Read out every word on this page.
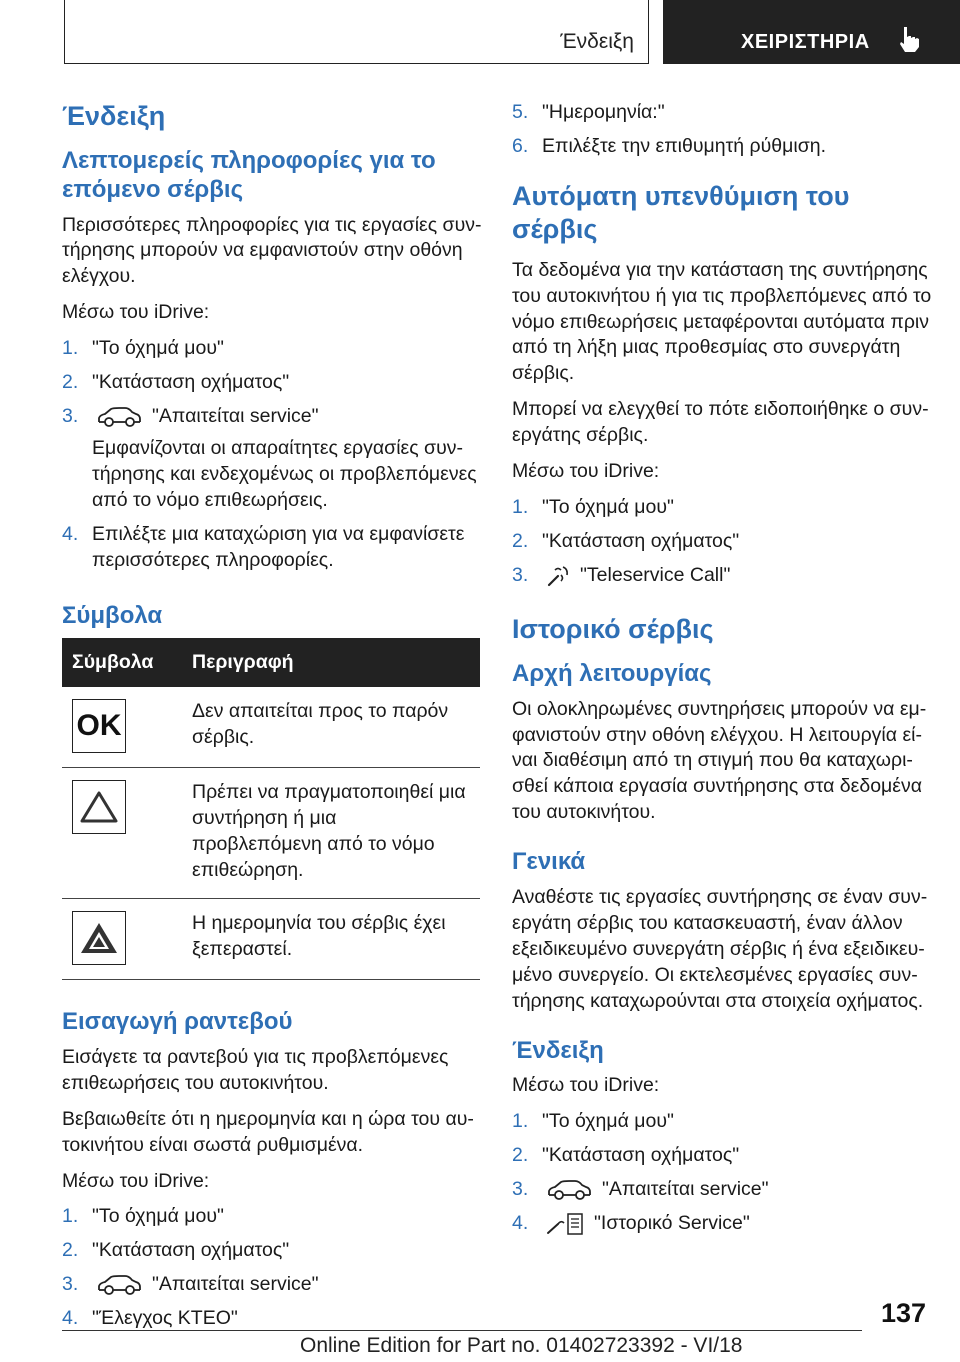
Ένδειξη	ΧΕΙΡΙΣΤΗΡΙΑ
Ένδειξη
Λεπτομερείς πληροφορίες για το επόμενο σέρβις

Περισσότερες πληροφορίες για τις εργασίες συντήρησης μπορούν να εμφανιστούν στην οθόνη ελέγχου.

Μέσω του iDrive:

1. "Το όχημά μου"
2. "Κατάσταση οχήματος"
3.	"Απαιτείται service"
Εμφανίζονται οι απαραίτητες εργασίες συντήρησης και ενδεχομένως οι προβλεπόμενες από το νόμο επιθεωρήσεις.
4. Επιλέξτε μια καταχώριση για να εμφανίσετε περισσότερες πληροφορίες.
Σύμβολα
Σύμβολα	Περιγραφή

OK	Δεν απαιτείται προς το παρόν σέρβις.

	Πρέπει να πραγματοποιηθεί μια συντήρηση ή μια προβλεπόμενη από το νόμο επιθεώρηση.

	Η ημερομηνία του σέρβις έχει ξεπεραστεί.
Εισαγωγή ραντεβού

Εισάγετε τα ραντεβού για τις προβλεπόμενες επιθεωρήσεις του αυτοκινήτου.

Βεβαιωθείτε ότι η ημερομηνία και η ώρα του αυτοκινήτου είναι σωστά ρυθμισμένα.

Μέσω του iDrive:

1. "Το όχημά μου"
2. "Κατάσταση οχήματος"
3.	"Απαιτείται service"
4. "Έλεγχος ΚΤΕΟ"
5. "Ημερομηνία:"
6. Επιλέξτε την επιθυμητή ρύθμιση.
Αυτόματη υπενθύμιση του σέρβις

Τα δεδομένα για την κατάσταση της συντήρησης του αυτοκινήτου ή για τις προβλεπόμενες από το νόμο επιθεωρήσεις μεταφέρονται αυτόματα πριν από τη λήξη μιας προθεσμίας στο συνεργάτη σέρβις.

Μπορεί να ελεγχθεί το πότε ειδοποιήθηκε ο συνεργάτης σέρβις.

Μέσω του iDrive:

1. "Το όχημά μου"
2. "Κατάσταση οχήματος"
3.	"Teleservice Call"
Ιστορικό σέρβις
Αρχή λειτουργίας

Οι ολοκληρωμένες συντηρήσεις μπορούν να εμφανιστούν στην οθόνη ελέγχου. Η λειτουργία είναι διαθέσιμη από τη στιγμή που θα καταχωρισθεί κάποια εργασία συντήρησης στα δεδομένα του αυτοκινήτου.

Γενικά

Αναθέστε τις εργασίες συντήρησης σε έναν συνεργάτη σέρβις του κατασκευαστή, έναν άλλον εξειδικευμένο συνεργάτη σέρβις ή ένα εξειδικευμένο συνεργείο. Οι εκτελεσμένες εργασίες συντήρησης καταχωρούνται στα στοιχεία οχήματος.

Ένδειξη

Μέσω του iDrive:

1. "Το όχημά μου"
2. "Κατάσταση οχήματος"
3.	"Απαιτείται service"
4.	"Ιστορικό Service"
137
Online Edition for Part no. 01402723392 - VI/18
